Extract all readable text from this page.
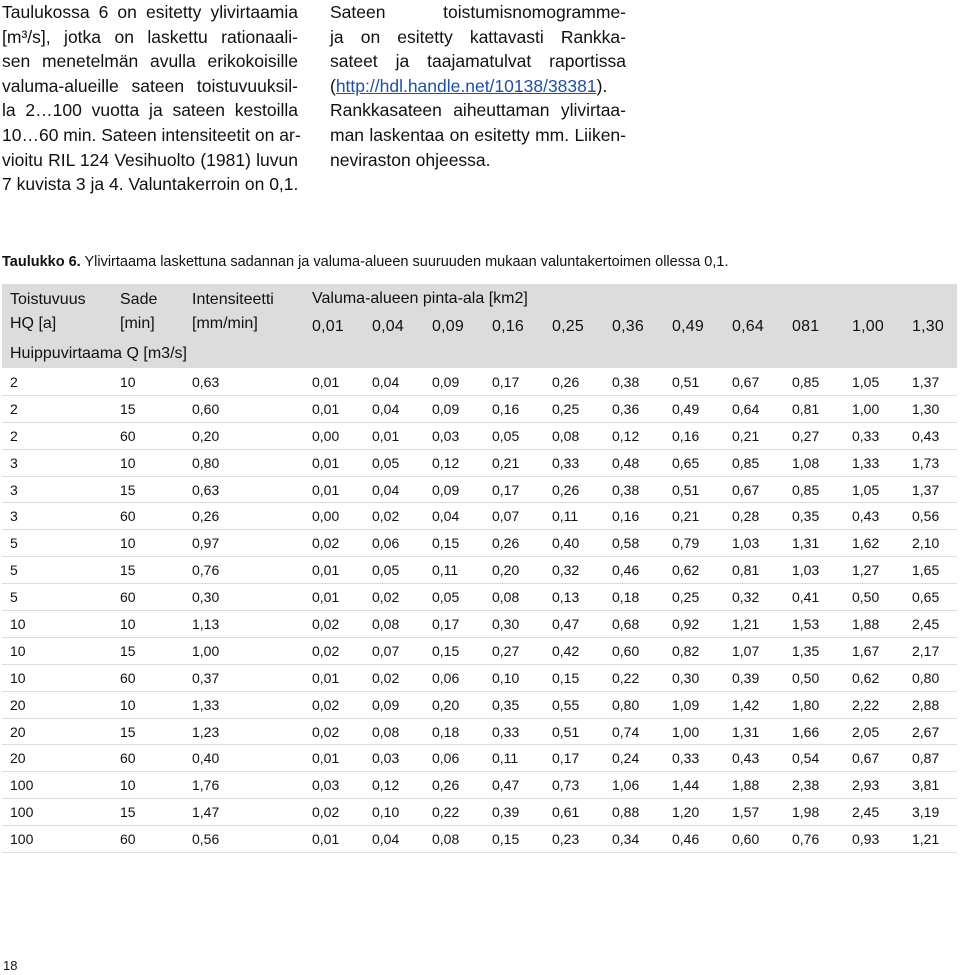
Taulukossa 6 on esitetty ylivirtaamia
[m³/s], jotka on laskettu rationaali-
sen menetelmän avulla erikokoisille
valuma-alueille sateen toistuvuuksil-
la 2…100 vuotta ja sateen kestoilla
10…60 min. Sateen intensiteetit on ar-
vioitu RIL 124 Vesihuolto (1981) luvun
7 kuvista 3 ja 4. Valuntakerroin on 0,1.
Sateen toistumisnomogramme-
ja on esitetty kattavasti Rankka-
sateet ja taajamatulvat raportissa
(http://hdl.handle.net/10138/38381).
Rankkasateen aiheuttaman ylivirtaa-
man laskentaa on esitetty mm. Liiken-
neviraston ohjeessa.
Taulukko 6. Ylivirtaama laskettuna sadannan ja valuma-alueen suuruuden mukaan valuntakertoimen ollessa 0,1.
Toistuvuus
HQ [a]	Sade
[min]	Intensiteetti
[mm/min]	Valuma-alueen pinta-ala [km2]										
			0,01	0,04	0,09	0,16	0,25	0,36	0,49	0,64	081	1,00	1,30
Huippuvirtaama Q [m3/s]													
2	10	0,63	0,01	0,04	0,09	0,17	0,26	0,38	0,51	0,67	0,85	1,05	1,37
2	15	0,60	0,01	0,04	0,09	0,16	0,25	0,36	0,49	0,64	0,81	1,00	1,30
2	60	0,20	0,00	0,01	0,03	0,05	0,08	0,12	0,16	0,21	0,27	0,33	0,43
3	10	0,80	0,01	0,05	0,12	0,21	0,33	0,48	0,65	0,85	1,08	1,33	1,73
3	15	0,63	0,01	0,04	0,09	0,17	0,26	0,38	0,51	0,67	0,85	1,05	1,37
3	60	0,26	0,00	0,02	0,04	0,07	0,11	0,16	0,21	0,28	0,35	0,43	0,56
5	10	0,97	0,02	0,06	0,15	0,26	0,40	0,58	0,79	1,03	1,31	1,62	2,10
5	15	0,76	0,01	0,05	0,11	0,20	0,32	0,46	0,62	0,81	1,03	1,27	1,65
5	60	0,30	0,01	0,02	0,05	0,08	0,13	0,18	0,25	0,32	0,41	0,50	0,65
10	10	1,13	0,02	0,08	0,17	0,30	0,47	0,68	0,92	1,21	1,53	1,88	2,45
10	15	1,00	0,02	0,07	0,15	0,27	0,42	0,60	0,82	1,07	1,35	1,67	2,17
10	60	0,37	0,01	0,02	0,06	0,10	0,15	0,22	0,30	0,39	0,50	0,62	0,80
20	10	1,33	0,02	0,09	0,20	0,35	0,55	0,80	1,09	1,42	1,80	2,22	2,88
20	15	1,23	0,02	0,08	0,18	0,33	0,51	0,74	1,00	1,31	1,66	2,05	2,67
20	60	0,40	0,01	0,03	0,06	0,11	0,17	0,24	0,33	0,43	0,54	0,67	0,87
100	10	1,76	0,03	0,12	0,26	0,47	0,73	1,06	1,44	1,88	2,38	2,93	3,81
100	15	1,47	0,02	0,10	0,22	0,39	0,61	0,88	1,20	1,57	1,98	2,45	3,19
100	60	0,56	0,01	0,04	0,08	0,15	0,23	0,34	0,46	0,60	0,76	0,93	1,21
18
